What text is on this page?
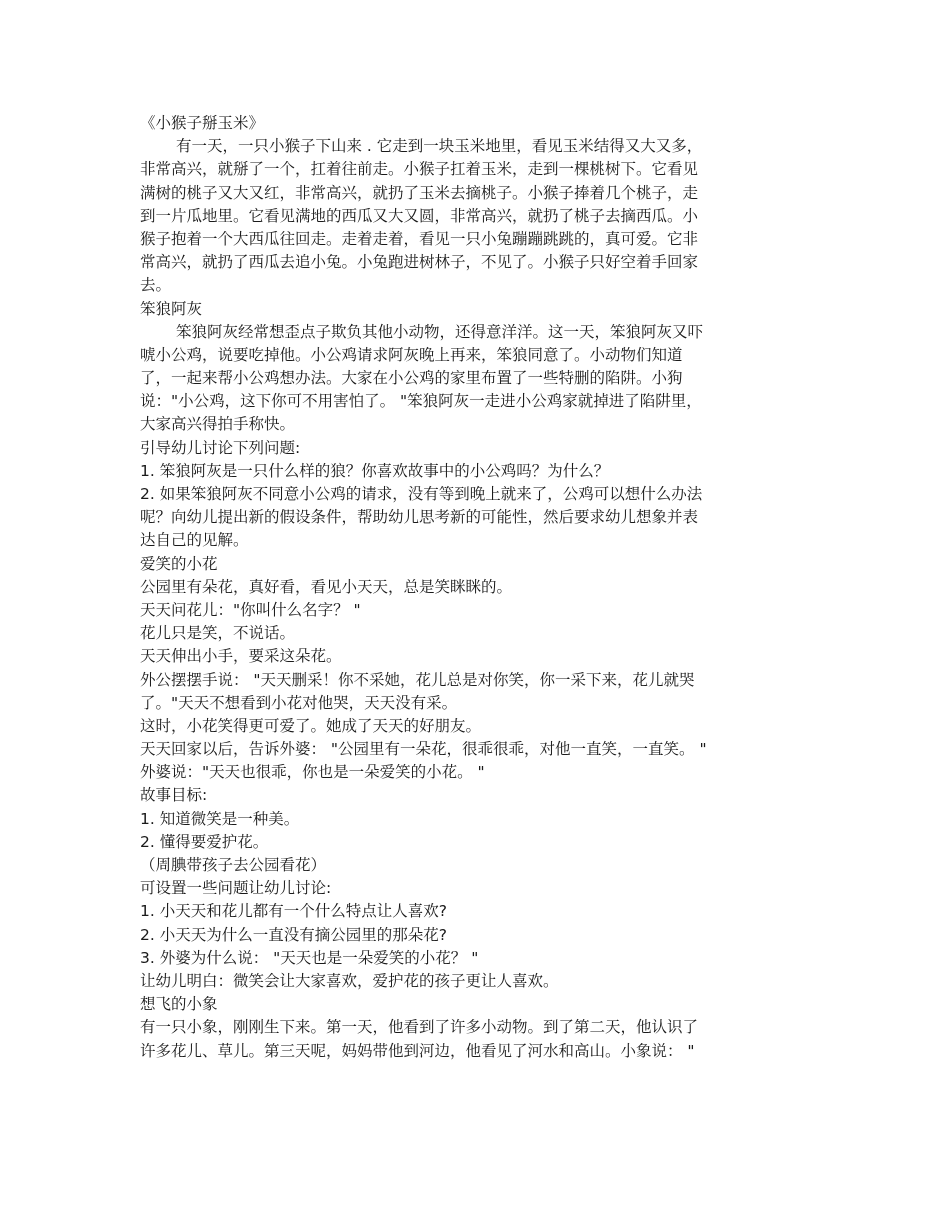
《小猴子掰玉米》
有一天，一只小猴子下山来 . 它走到一块玉米地里，看见玉米结得又大又多，
非常高兴，就掰了一个，扛着往前走。小猴子扛着玉米，走到一棵桃树下。它看见
满树的桃子又大又红，非常高兴，就扔了玉米去摘桃子。小猴子捧着几个桃子，走
到一片瓜地里。它看见满地的西瓜又大又圆，非常高兴，就扔了桃子去摘西瓜。小
猴子抱着一个大西瓜往回走。走着走着，看见一只小兔蹦蹦跳跳的，真可爱。它非
常高兴，就扔了西瓜去追小兔。小兔跑进树林子，不见了。小猴子只好空着手回家
去。
笨狼阿灰
笨狼阿灰经常想歪点子欺负其他小动物，还得意洋洋。这一天，笨狼阿灰又吓
唬小公鸡，说要吃掉他。小公鸡请求阿灰晚上再来，笨狼同意了。小动物们知道
了，一起来帮小公鸡想办法。大家在小公鸡的家里布置了一些特删的陷阱。小狗
说："小公鸡，这下你可不用害怕了。 "笨狼阿灰一走进小公鸡家就掉进了陷阱里，
大家高兴得拍手称快。
引导幼儿讨论下列问题:
1. 笨狼阿灰是一只什么样的狼？你喜欢故事中的小公鸡吗？为什么？
2. 如果笨狼阿灰不同意小公鸡的请求，没有等到晚上就来了，公鸡可以想什么办法
呢？向幼儿提出新的假设条件，帮助幼儿思考新的可能性，然后要求幼儿想象并表
达自己的见解。
爱笑的小花
公园里有朵花，真好看，看见小天天，总是笑眯眯的。
天天问花儿："你叫什么名字？ "
花儿只是笑，不说话。
天天伸出小手，要采这朵花。
外公摆摆手说： "天天删采！你不采她，花儿总是对你笑，你一采下来，花儿就哭
了。"天天不想看到小花对他哭，天天没有采。
这时，小花笑得更可爱了。她成了天天的好朋友。
天天回家以后，告诉外婆： "公园里有一朵花，很乖很乖，对他一直笑，一直笑。 "
外婆说："天天也很乖，你也是一朵爱笑的小花。 "
故事目标:
1. 知道微笑是一种美。
2. 懂得要爱护花。
（周腆带孩子去公园看花）
可设置一些问题让幼儿讨论:
1. 小天天和花儿都有一个什么特点让人喜欢?
2. 小天天为什么一直没有摘公园里的那朵花?
3. 外婆为什么说： "天天也是一朵爱笑的小花？ "
让幼儿明白：微笑会让大家喜欢，爱护花的孩子更让人喜欢。
想飞的小象
有一只小象，刚刚生下来。第一天，他看到了许多小动物。到了第二天，他认识了
许多花儿、草儿。第三天呢，妈妈带他到河边，他看见了河水和高山。小象说： "
